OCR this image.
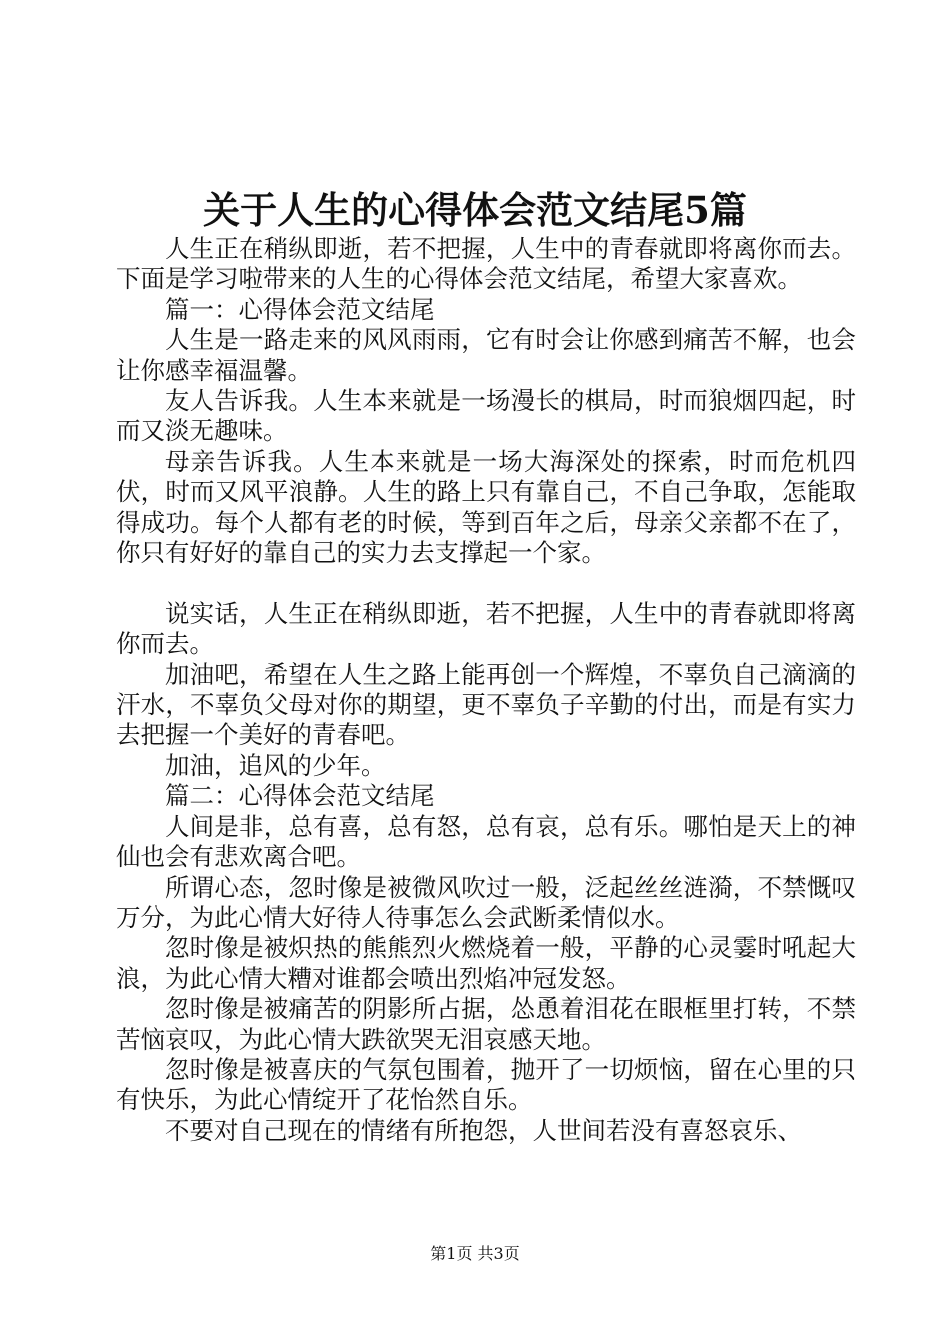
关于人生的心得体会范文结尾5篇

人生正在稍纵即逝，若不把握，人生中的青春就即将离你而去。下面是学习啦带来的人生的心得体会范文结尾，希望大家喜欢。

篇一：心得体会范文结尾

人生是一路走来的风风雨雨，它有时会让你感到痛苦不解，也会让你感幸福温馨。

友人告诉我。人生本来就是一场漫长的棋局，时而狼烟四起，时而又淡无趣味。

母亲告诉我。人生本来就是一场大海深处的探索，时而危机四伏，时而又风平浪静。人生的路上只有靠自己，不自己争取，怎能取得成功。每个人都有老的时候，等到百年之后，母亲父亲都不在了，你只有好好的靠自己的实力去支撑起一个家。

说实话，人生正在稍纵即逝，若不把握，人生中的青春就即将离你而去。

加油吧，希望在人生之路上能再创一个辉煌，不辜负自己滴滴的汗水，不辜负父母对你的期望，更不辜负子辛勤的付出，而是有实力去把握一个美好的青春吧。

加油，追风的少年。

篇二：心得体会范文结尾

人间是非，总有喜，总有怒，总有哀，总有乐。哪怕是天上的神仙也会有悲欢离合吧。

所谓心态，忽时像是被微风吹过一般，泛起丝丝涟漪，不禁慨叹万分，为此心情大好待人待事怎么会武断柔情似水。

忽时像是被炽热的熊熊烈火燃烧着一般，平静的心灵霎时吼起大浪，为此心情大糟对谁都会喷出烈焰冲冠发怒。

忽时像是被痛苦的阴影所占据，怂恿着泪花在眼框里打转，不禁苦恼哀叹，为此心情大跌欲哭无泪哀感天地。

忽时像是被喜庆的气氛包围着，抛开了一切烦恼，留在心里的只有快乐，为此心情绽开了花怡然自乐。

不要对自己现在的情绪有所抱怨，人世间若没有喜怒哀乐、

第1页 共3页
